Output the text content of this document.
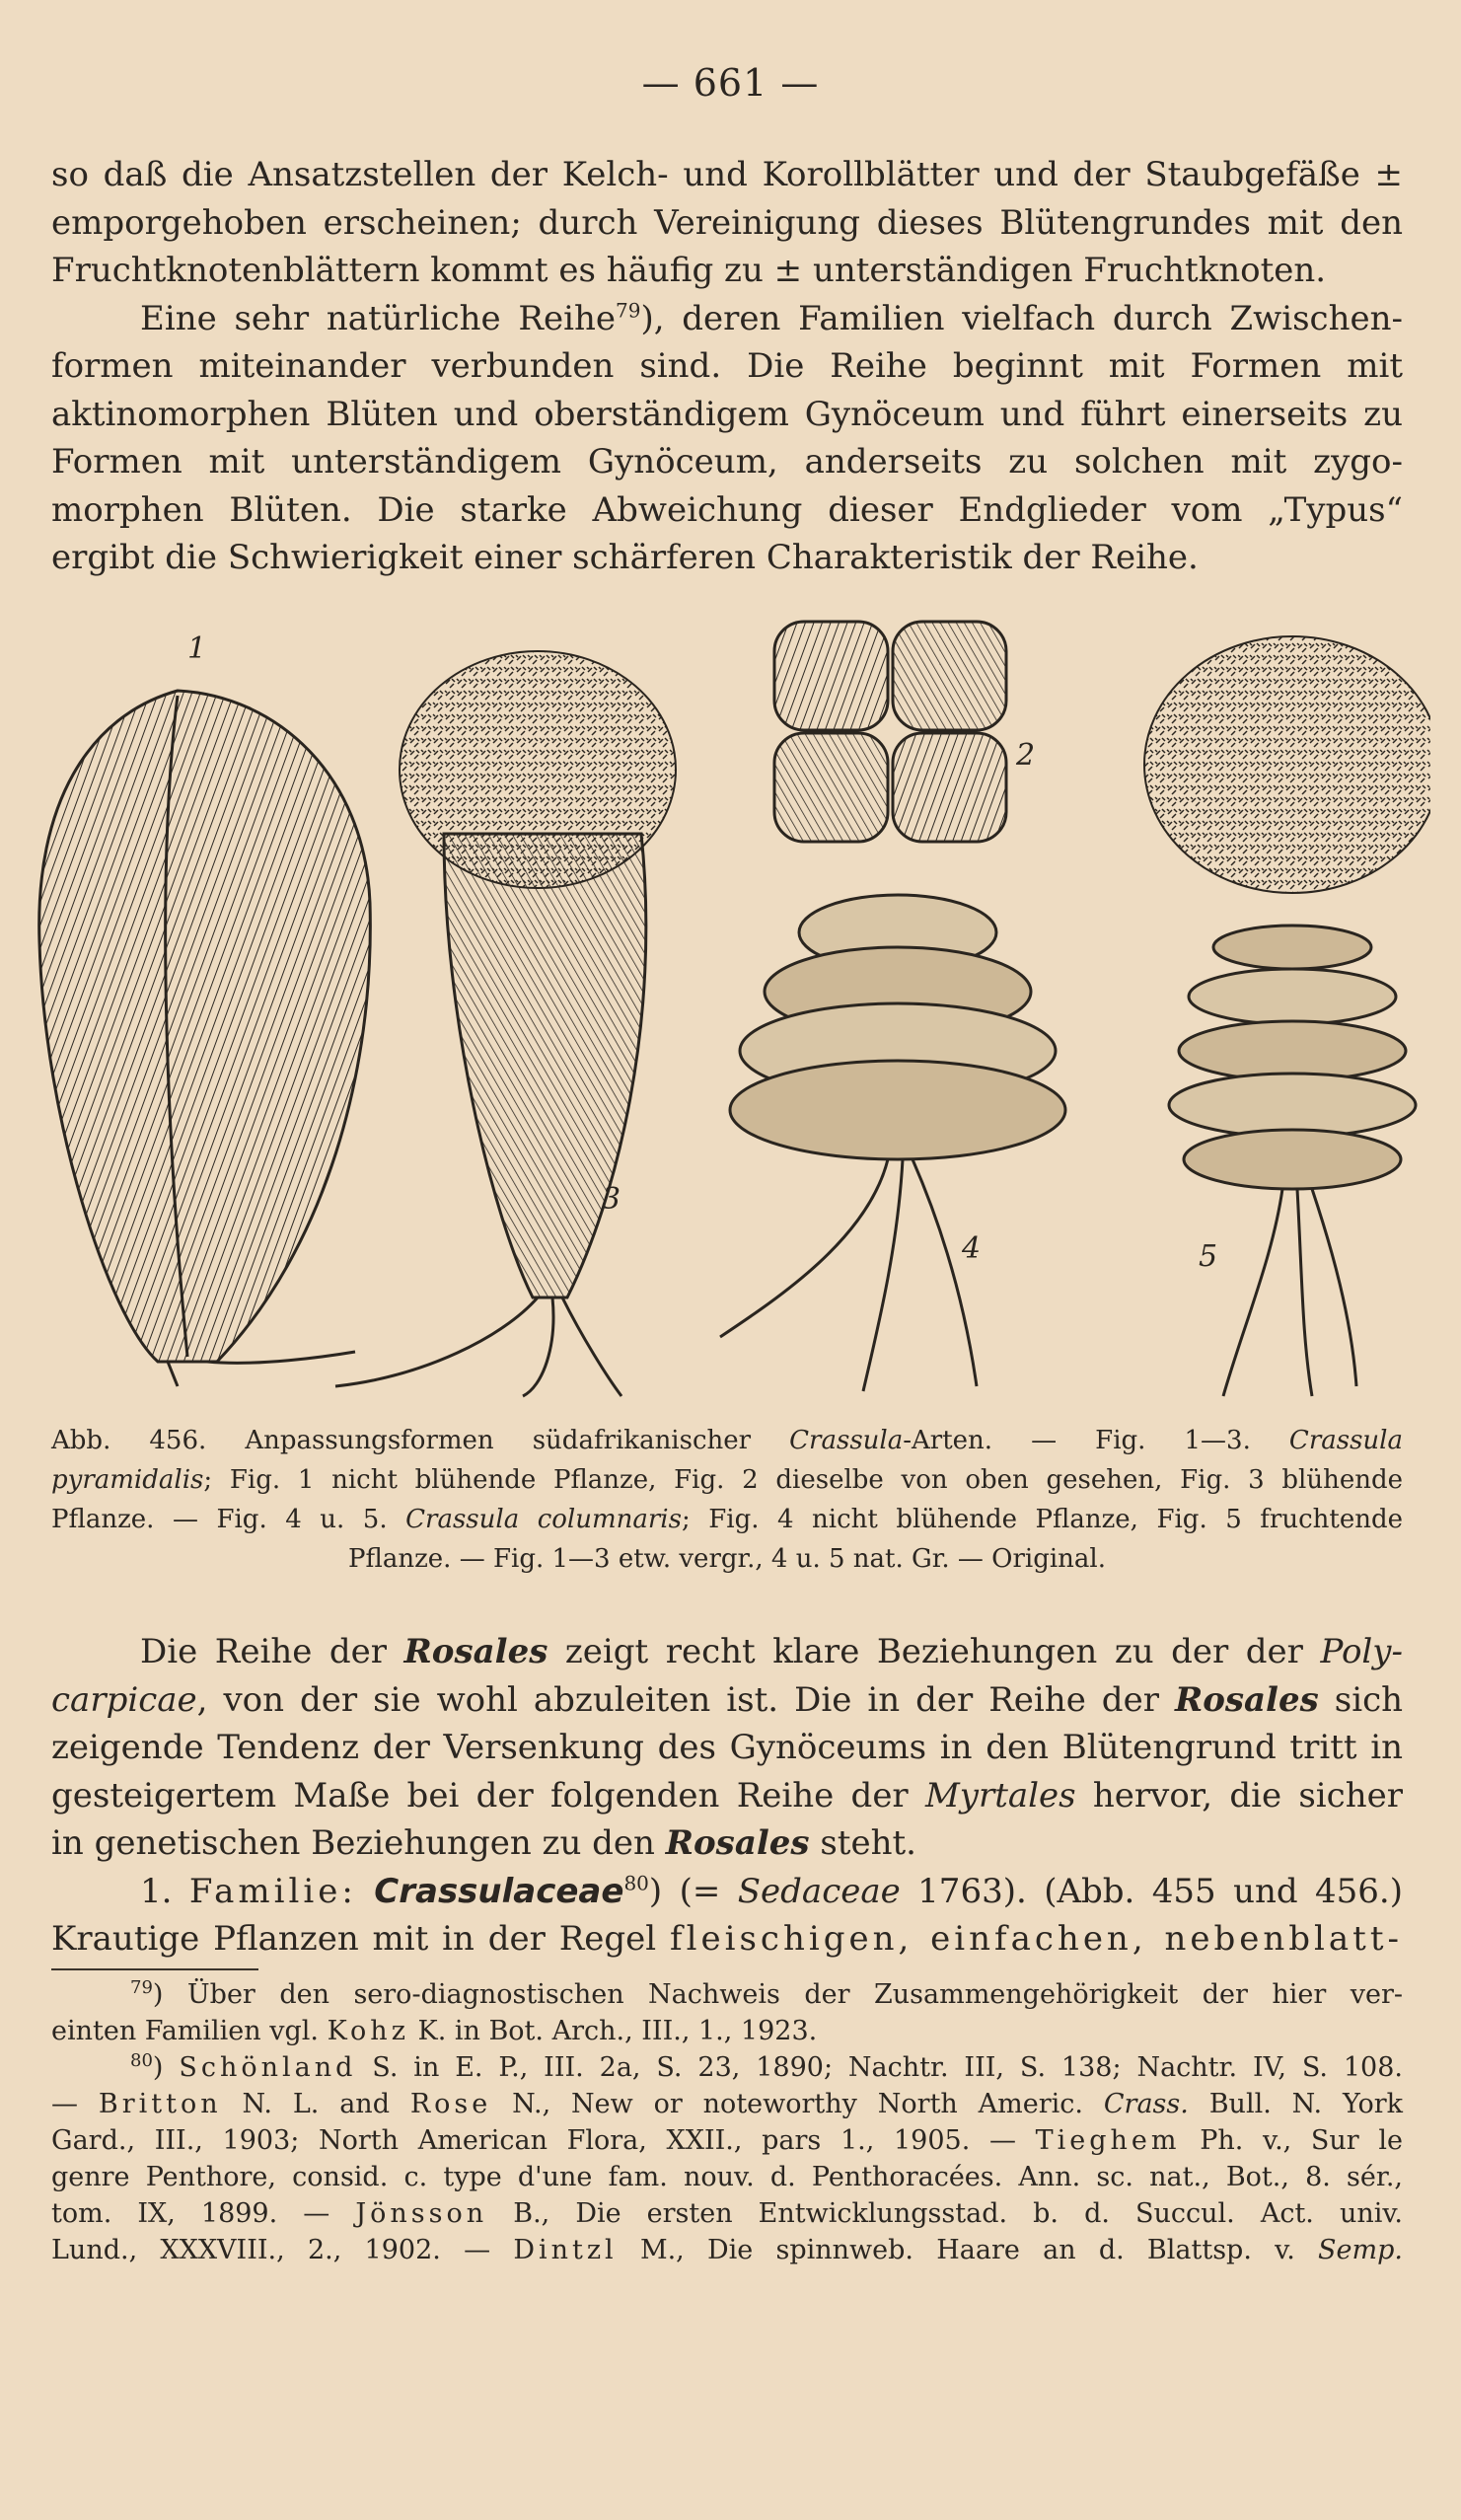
— 661 —
so daß die Ansatzstellen der Kelch- und Korollblätter und der Staubgefäße ±
emporgehoben erscheinen; durch Vereinigung dieses Blütengrundes mit den
Fruchtknotenblättern kommt es häufig zu ± unterständigen Fruchtknoten.
Eine sehr natürliche Reihe$^{79}$), deren Familien vielfach durch Zwischen-
formen miteinander verbunden sind. Die Reihe beginnt mit Formen mit
aktinomorphen Blüten und oberständigem Gynöceum und führt einerseits zu
Formen mit unterständigem Gynöceum, anderseits zu solchen mit zygo-
morphen Blüten. Die starke Abweichung dieser Endglieder vom „Typus“
ergibt die Schwierigkeit einer schärferen Charakteristik der Reihe.
1
2
3
4	5
Abb. 456. Anpassungsformen südafrikanischer Crassula-Arten. — Fig. 1—3. Crassula
pyramidalis; Fig. 1 nicht blühende Pflanze, Fig. 2 dieselbe von oben gesehen, Fig. 3 blühende
Pflanze. — Fig. 4 u. 5. Crassula columnaris; Fig. 4 nicht blühende Pflanze, Fig. 5 fruchtende
Pflanze. — Fig. 1—3 etw. vergr., 4 u. 5 nat. Gr. — Original.
Die Reihe der Rosales zeigt recht klare Beziehungen zu der der Poly-
carpicae, von der sie wohl abzuleiten ist. Die in der Reihe der Rosales sich
zeigende Tendenz der Versenkung des Gynöceums in den Blütengrund tritt in
gesteigertem Maße bei der folgenden Reihe der Myrtales hervor, die sicher
in genetischen Beziehungen zu den Rosales steht.
1. Familie: Crassulaceae$^{80}$) (= Sedaceae 1763). (Abb. 455 und 456.)
Krautige Pflanzen mit in der Regel fleischigen, einfachen, nebenblatt-
$^{79}$) Über den sero-diagnostischen Nachweis der Zusammengehörigkeit der hier ver-
einten Familien vgl. Kohz K. in Bot. Arch., III., 1., 1923.
$^{80}$) Schönland S. in E. P., III. 2a, S. 23, 1890; Nachtr. III, S. 138; Nachtr. IV, S. 108.
— Britton N. L. and Rose N., New or noteworthy North Americ. Crass. Bull. N. York
Gard., III., 1903; North American Flora, XXII., pars 1., 1905. — Tieghem Ph. v., Sur le
genre Penthore, consid. c. type d'une fam. nouv. d. Penthoracées. Ann. sc. nat., Bot., 8. sér.,
tom. IX, 1899. — Jönsson B., Die ersten Entwicklungsstad. b. d. Succul. Act. univ.
Lund., XXXVIII., 2., 1902. — Dintzl M., Die spinnweb. Haare an d. Blattsp. v. Semp.
